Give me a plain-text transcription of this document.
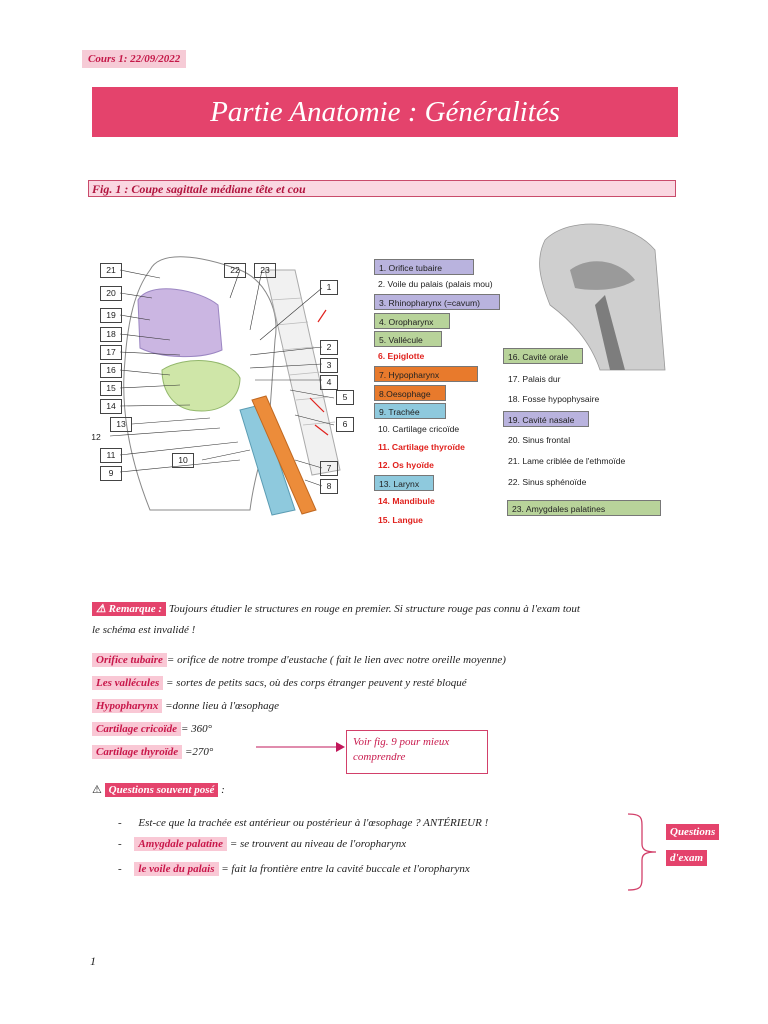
Cours 1: 22/09/2022
Partie Anatomie : Généralités
Fig. 1 : Coupe sagittale médiane tête et cou
21
20
19
18
17
16
15
14
13
12
11
9
10
22	23
1
2
3
4
5
6
7
8
1. Orifice tubaire
2. Voile du palais (palais mou)
3. Rhinopharynx (=cavum)
4. Oropharynx
5. Vallécule
6. Epiglotte
7. Hypopharynx
8.Oesophage
9. Trachée
10. Cartilage cricoïde
11. Cartilage thyroïde
12. Os hyoïde
13. Larynx
14. Mandibule
15. Langue
16. Cavité orale
17. Palais dur
18. Fosse hypophysaire
19. Cavité nasale
20. Sinus frontal
21. Lame criblée de l'ethmoïde
22. Sinus sphénoïde
23. Amygdales palatines
⚠ Remarque : Toujours étudier le structures en rouge en premier. Si structure rouge pas connu à l'exam tout
le schéma est invalidé !
Orifice tubaire = orifice de notre trompe d'eustache ( fait le lien avec notre oreille moyenne)
Les vallécules = sortes de petits sacs, où des corps étranger peuvent y resté bloqué
Hypopharynx =donne lieu à l'œsophage
Cartilage cricoïde = 360°
Cartilage thyroïde =270°
Voir fig. 9 pour mieux comprendre
⚠ Questions souvent posé :
- Est-ce que la trachée est antérieur ou postérieur à l'œsophage ? ANTÉRIEUR !
- Amygdale palatine = se trouvent au niveau de l'oropharynx
- le voile du palais = fait la frontière entre la cavité buccale et l'oropharynx
Questions
d'exam
1
